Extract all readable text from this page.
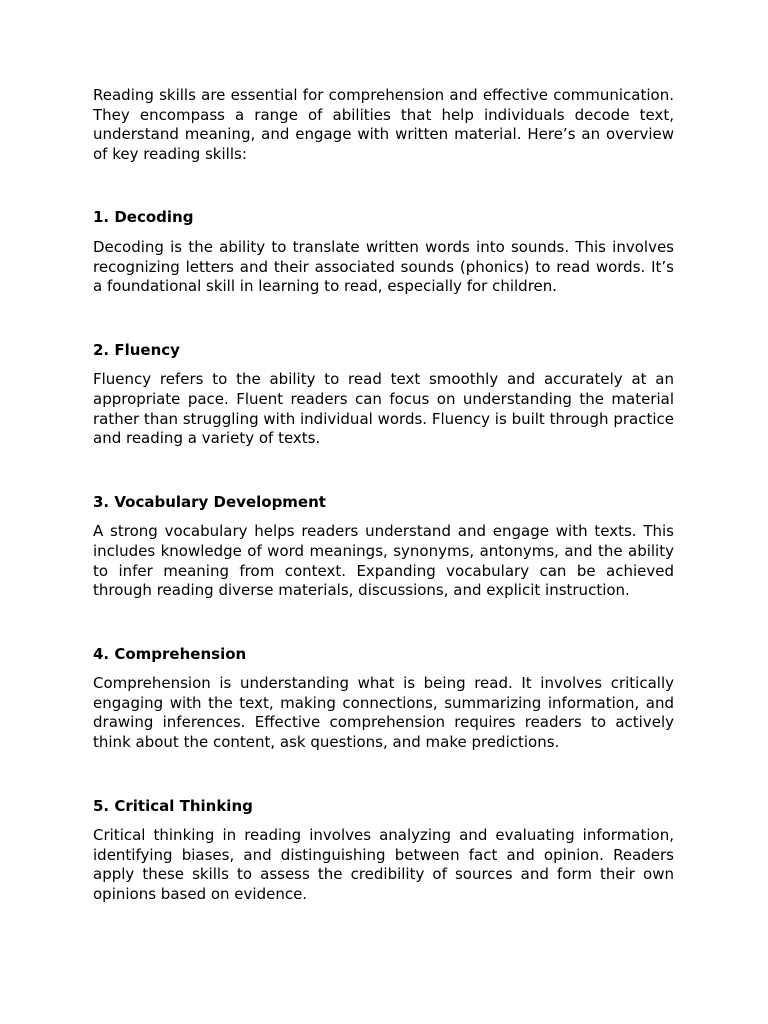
Reading skills are essential for comprehension and effective communication. They encompass a range of abilities that help individuals decode text, understand meaning, and engage with written material. Here’s an overview of key reading skills:

1. Decoding

Decoding is the ability to translate written words into sounds. This involves recognizing letters and their associated sounds (phonics) to read words. It’s a foundational skill in learning to read, especially for children.

2. Fluency

Fluency refers to the ability to read text smoothly and accurately at an appropriate pace. Fluent readers can focus on understanding the material rather than struggling with individual words. Fluency is built through practice and reading a variety of texts.

3. Vocabulary Development

A strong vocabulary helps readers understand and engage with texts. This includes knowledge of word meanings, synonyms, antonyms, and the ability to infer meaning from context. Expanding vocabulary can be achieved through reading diverse materials, discussions, and explicit instruction.

4. Comprehension

Comprehension is understanding what is being read. It involves critically engaging with the text, making connections, summarizing information, and drawing inferences. Effective comprehension requires readers to actively think about the content, ask questions, and make predictions.

5. Critical Thinking

Critical thinking in reading involves analyzing and evaluating information, identifying biases, and distinguishing between fact and opinion. Readers apply these skills to assess the credibility of sources and form their own opinions based on evidence.
